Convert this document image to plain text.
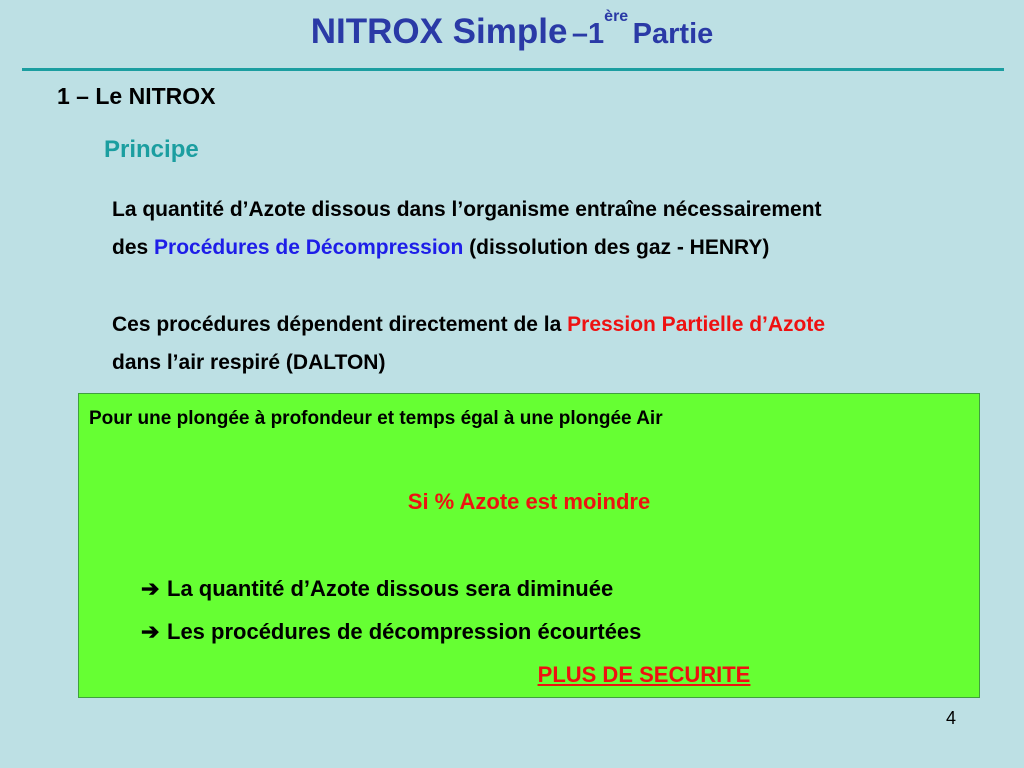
NITROX Simple –1ère Partie
1 – Le NITROX
Principe
La quantité d’Azote dissous dans l’organisme entraîne nécessairement
des Procédures de Décompression (dissolution des gaz - HENRY)
Ces procédures dépendent directement de la Pression Partielle d’Azote
dans l’air respiré (DALTON)
Pour une plongée à profondeur et temps égal à une plongée Air
Si % Azote est moindre
➔ La quantité d’Azote dissous sera diminuée
➔ Les procédures de décompression écourtées
PLUS DE SECURITE
4
